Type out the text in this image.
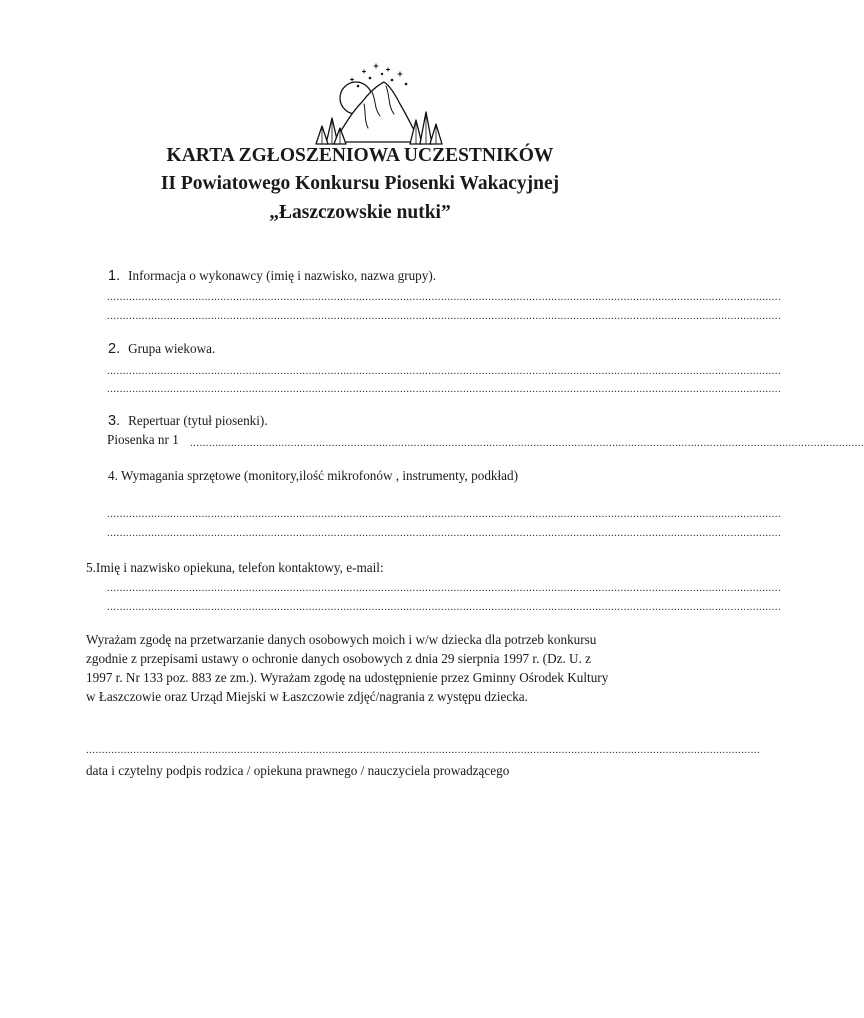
KARTA ZGŁOSZENIOWA UCZESTNIKÓW
II Powiatowego Konkursu Piosenki Wakacyjnej
„Łaszczowskie nutki”
1. Informacja o wykonawcy (imię i nazwisko, nazwa grupy).
......................................................................................................................................................................................................................
......................................................................................................................................................................................................................
2. Grupa wiekowa.
......................................................................................................................................................................................................................
......................................................................................................................................................................................................................
3. Repertuar (tytuł piosenki).
Piosenka nr 1 ......................................................................................................................................................................................................................
4. Wymagania sprzętowe (monitory,ilość mikrofonów , instrumenty, podkład)
......................................................................................................................................................................................................................
......................................................................................................................................................................................................................
5.Imię i nazwisko opiekuna, telefon kontaktowy, e-mail:
......................................................................................................................................................................................................................
......................................................................................................................................................................................................................
Wyrażam zgodę na przetwarzanie danych osobowych moich i w/w dziecka dla potrzeb konkursu
zgodnie z przepisami ustawy o ochronie danych osobowych z dnia 29 sierpnia 1997 r. (Dz. U. z
1997 r. Nr 133 poz. 883 ze zm.). Wyrażam zgodę na udostępnienie przez Gminny Ośrodek Kultury
w Łaszczowie oraz Urząd Miejski w Łaszczowie zdjęć/nagrania z występu dziecka.
......................................................................................................................................................................................................................
data i czytelny podpis rodzica / opiekuna prawnego / nauczyciela prowadzącego
